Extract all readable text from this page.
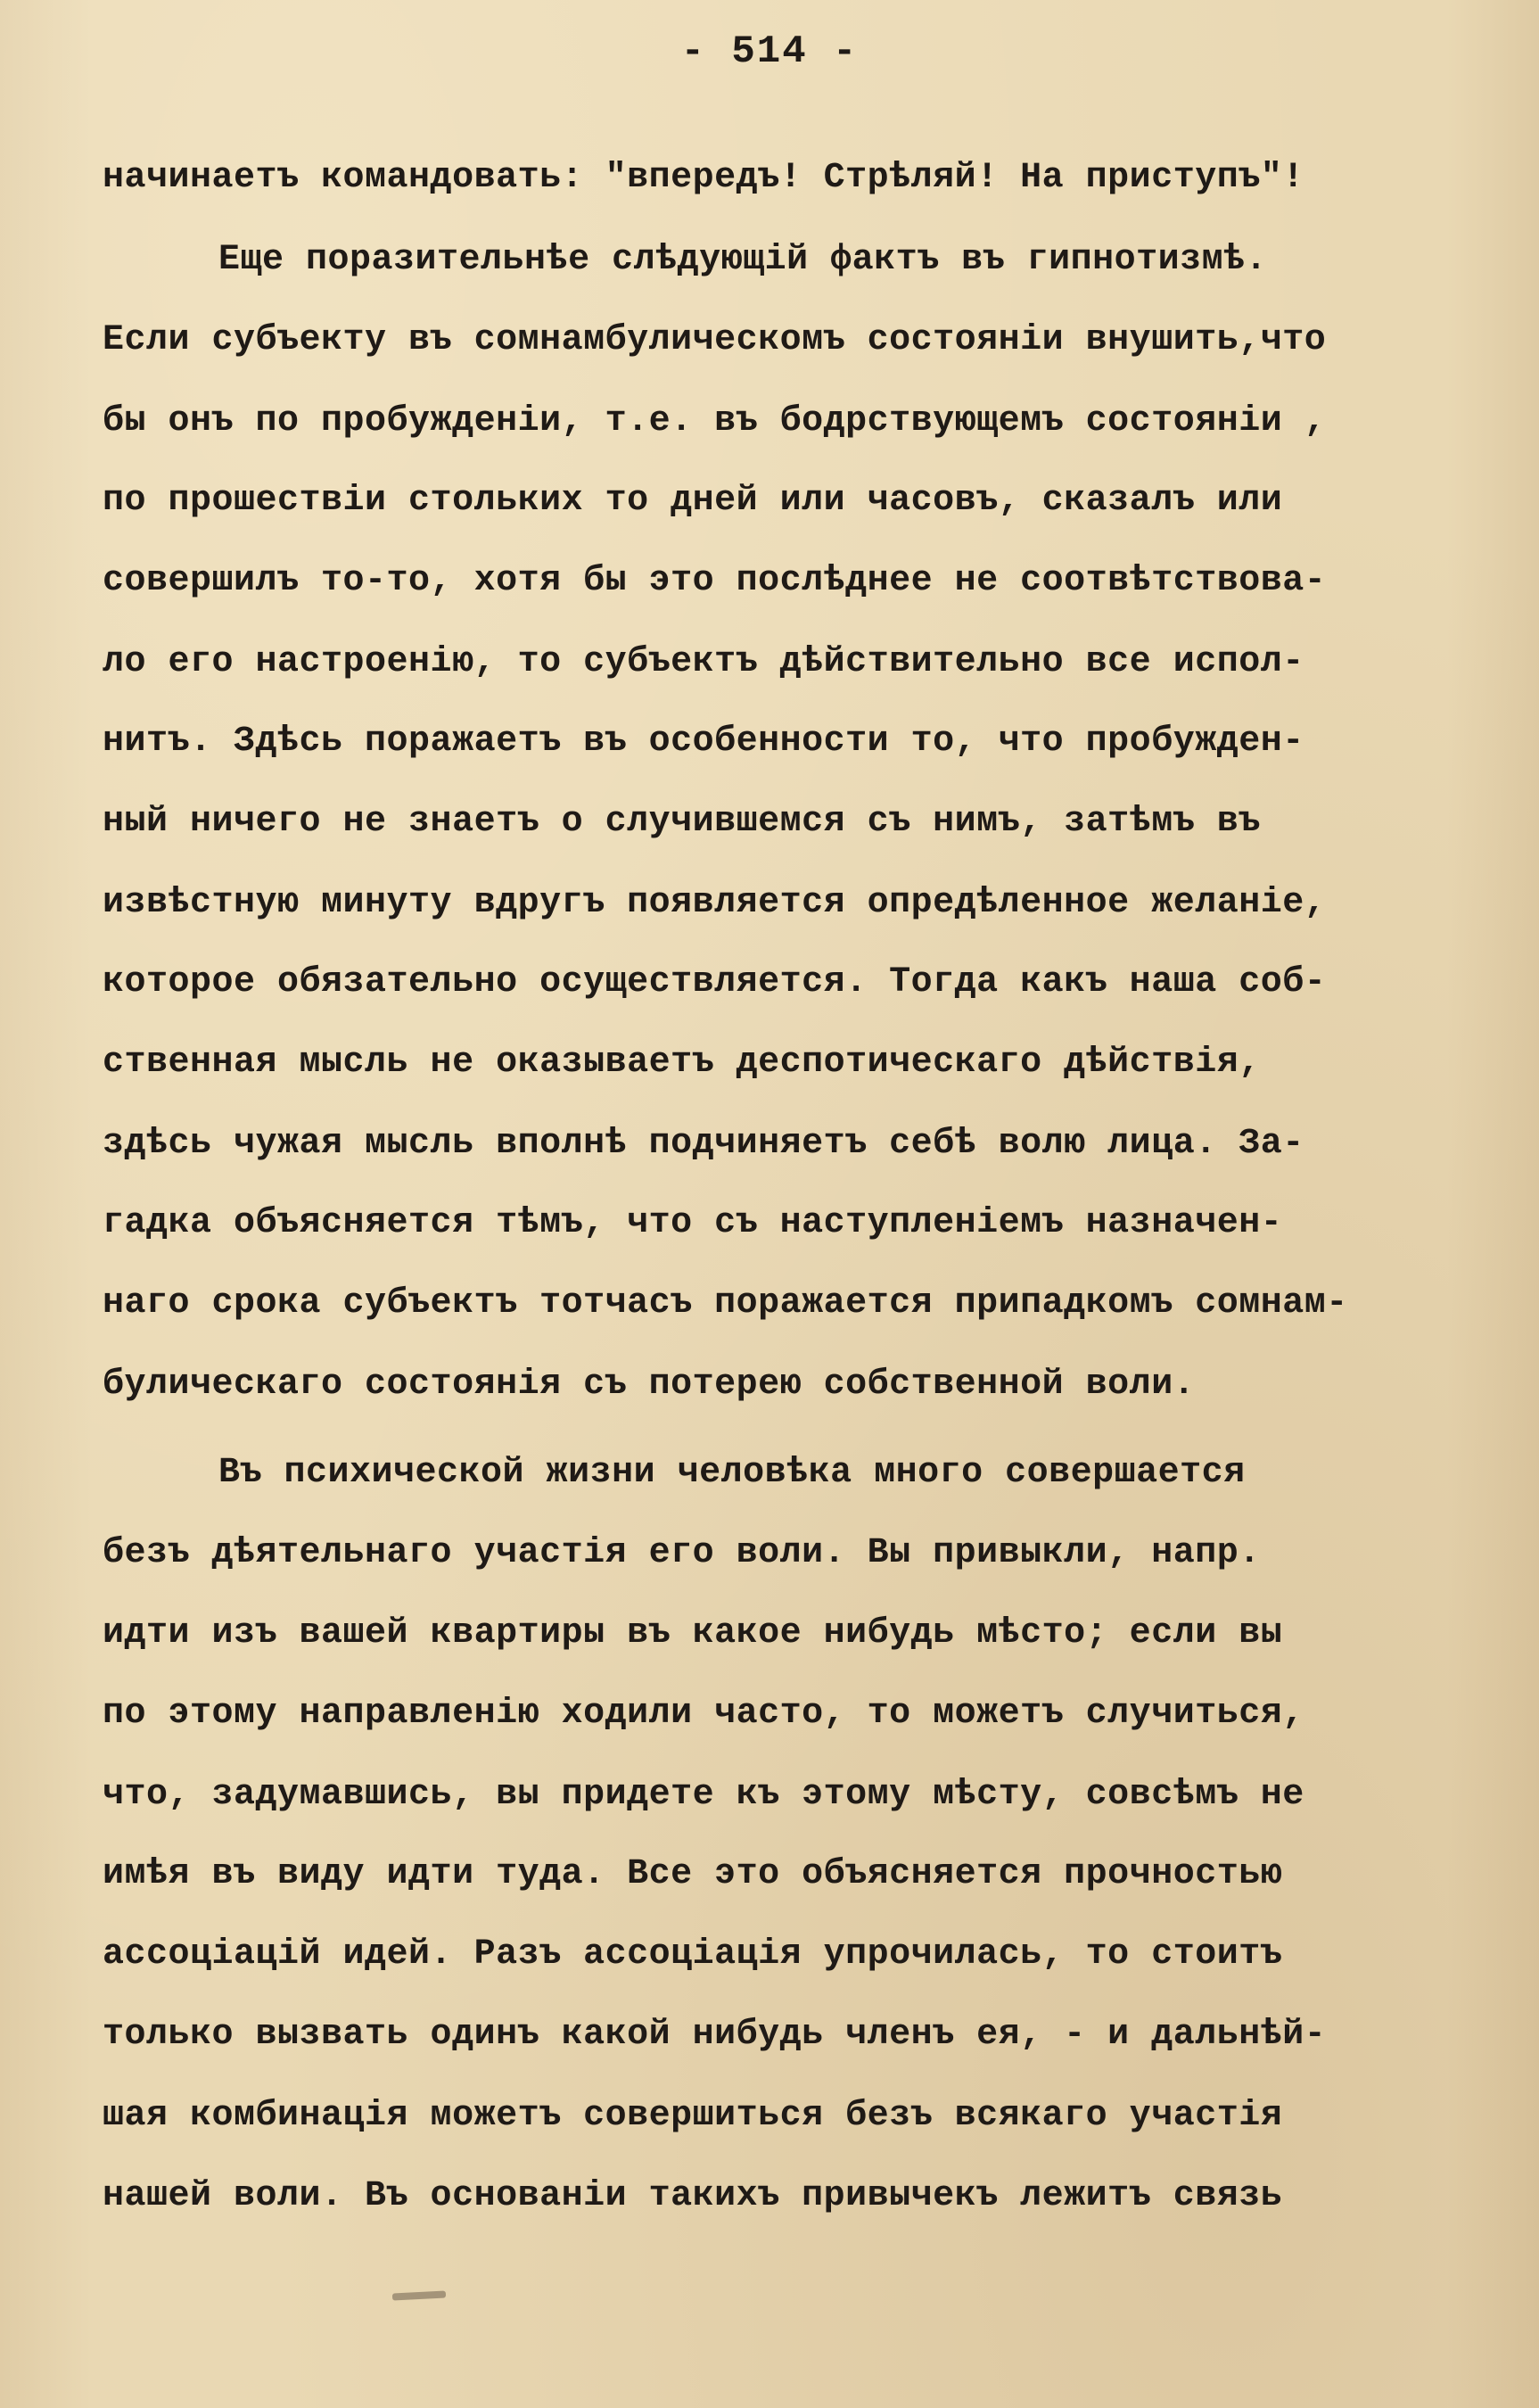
- 514 -
начинаетъ командовать: "впередъ! Стрѣляй! На приступъ"!
Еще поразительнѣе слѣдующій фактъ въ гипнотизмѣ.
Если субъекту въ сомнамбулическомъ состояніи внушить,что
бы онъ по пробужденіи, т.е. въ бодрствующемъ состояніи ,
по прошествіи стольких то дней или часовъ, сказалъ или
совершилъ то-то, хотя бы это послѣднее не соотвѣтствова-
ло его настроенію, то субъектъ дѣйствительно все испол-
нитъ. Здѣсь поражаетъ въ особенности то, что пробужден-
ный ничего не знаетъ о случившемся съ нимъ, затѣмъ въ
извѣстную минуту вдругъ появляется опредѣленное желаніе,
которое обязательно осуществляется. Тогда какъ наша соб-
ственная мысль не оказываетъ деспотическаго дѣйствія,
здѣсь чужая мысль вполнѣ подчиняетъ себѣ волю лица. За-
гадка объясняется тѣмъ, что съ наступленіемъ назначен-
наго срока субъектъ тотчасъ поражается припадкомъ сомнам-
булическаго состоянія съ потерею собственной воли.
Въ психической жизни человѣка много совершается
безъ дѣятельнаго участія его воли. Вы привыкли, напр.
идти изъ вашей квартиры въ какое нибудь мѣсто; если вы
по этому направленію ходили часто, то можетъ случиться,
что, задумавшись, вы придете къ этому мѣсту, совсѣмъ не
имѣя въ виду идти туда. Все это объясняется прочностью
ассоціацій идей. Разъ ассоціація упрочилась, то стоитъ
только вызвать одинъ какой нибудь членъ ея, - и дальнѣй-
шая комбинація можетъ совершиться безъ всякаго участія
нашей воли. Въ основаніи такихъ привычекъ лежитъ связь
